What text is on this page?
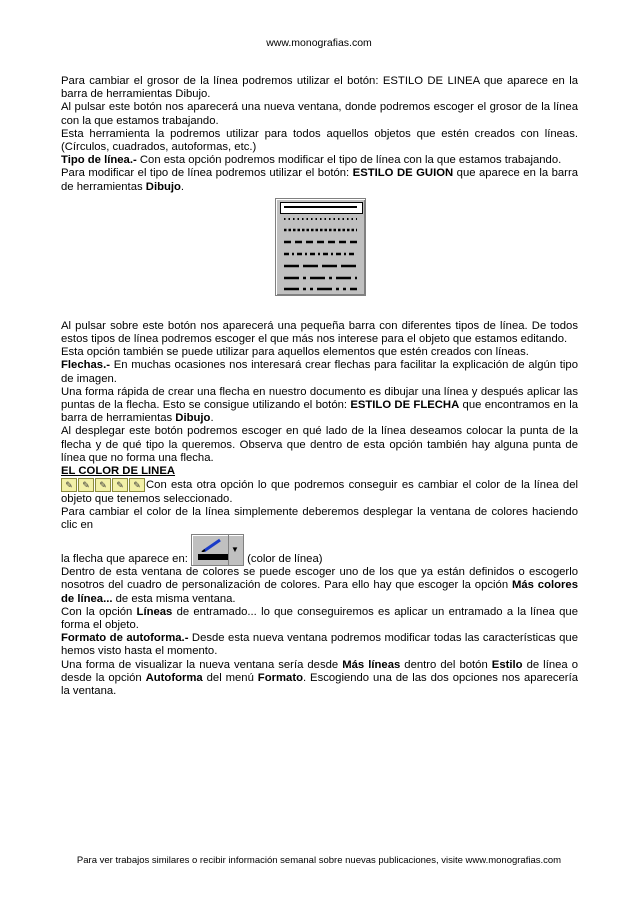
www.monografias.com

Para cambiar el grosor de la línea podremos utilizar el botón: ESTILO DE LINEA que aparece en la barra de herramientas Dibujo.

Al pulsar este botón nos aparecerá una nueva ventana, donde podremos escoger el grosor de la línea con la que estamos trabajando.

Esta herramienta la podremos utilizar para todos aquellos objetos que estén creados con líneas. (Círculos, cuadrados, autoformas, etc.)

Tipo de línea.- Con esta opción podremos modificar el tipo de línea con la que estamos trabajando.

Para modificar el tipo de línea podremos utilizar el botón: ESTILO DE GUION que aparece en la barra de herramientas Dibujo.

Al pulsar sobre este botón nos aparecerá una pequeña barra con diferentes tipos de línea. De todos estos tipos de línea podremos escoger el que más nos interese para el objeto que estamos editando.

Esta opción también se puede utilizar para aquellos elementos que estén creados con líneas.

Flechas.- En muchas ocasiones nos interesará crear flechas para facilitar la explicación de algún tipo de imagen.

Una forma rápida de crear una flecha en nuestro documento es dibujar una línea y después aplicar las puntas de la flecha. Esto se consigue utilizando el botón: ESTILO DE FLECHA que encontramos en la barra de herramientas Dibujo.

Al desplegar este botón podremos escoger en qué lado de la línea deseamos colocar la punta de la flecha y de qué tipo la queremos. Observa que dentro de esta opción también hay alguna punta de línea que no forma una flecha.

EL COLOR DE LINEA

✎ ✎ ✎ ✎ ✎ Con esta otra opción lo que podremos conseguir es cambiar el color de la línea del objeto que tenemos seleccionado.

Para cambiar el color de la línea simplemente deberemos desplegar la ventana de colores haciendo clic en

la flecha que aparece en:
▼
(color de línea)

Dentro de esta ventana de colores se puede escoger uno de los que ya están definidos o escogerlo nosotros del cuadro de personalización de colores. Para ello hay que escoger la opción Más colores de línea... de esta misma ventana.

Con la opción Líneas de entramado... lo que conseguiremos es aplicar un entramado a la línea que forma el objeto.

Formato de autoforma.- Desde esta nueva ventana podremos modificar todas las características que hemos visto hasta el momento.

Una forma de visualizar la nueva ventana sería desde Más líneas dentro del botón Estilo de línea o desde la opción Autoforma del menú Formato. Escogiendo una de las dos opciones nos aparecería la ventana.

Para ver trabajos similares o recibir información semanal sobre nuevas publicaciones, visite www.monografias.com
